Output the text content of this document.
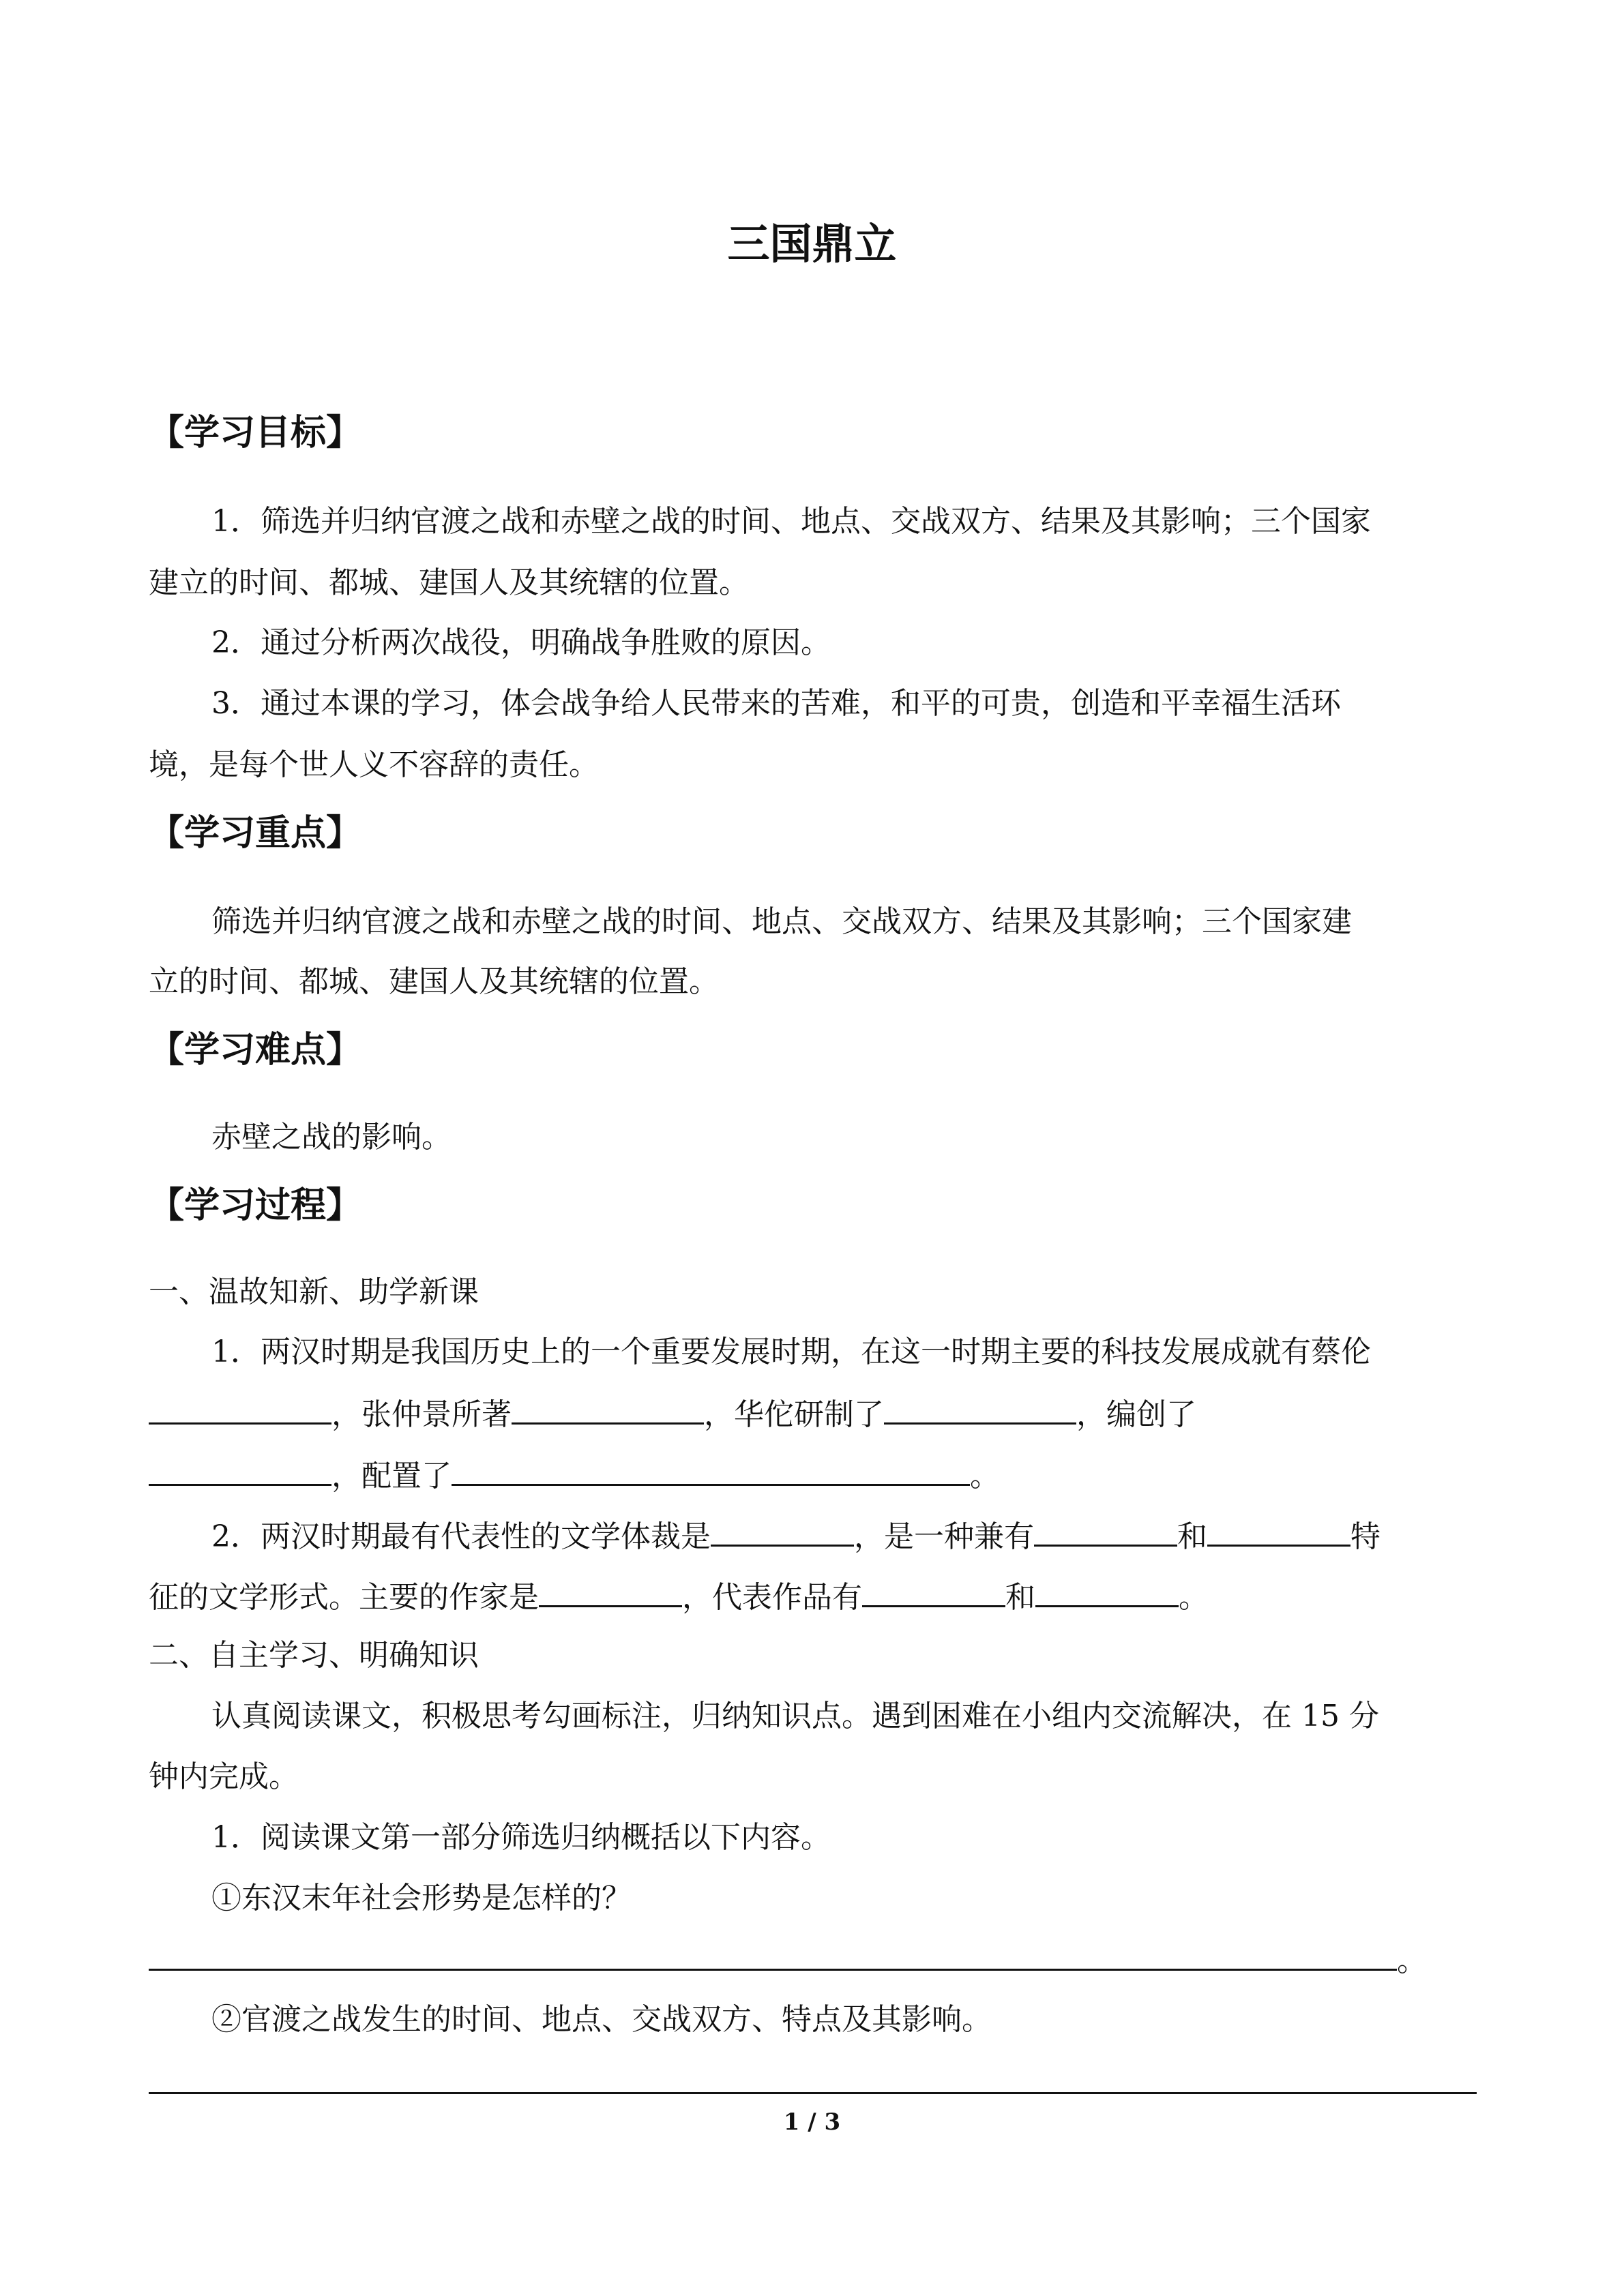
三国鼎立
【学习目标】
1．筛选并归纳官渡之战和赤壁之战的时间、地点、交战双方、结果及其影响；三个国家
建立的时间、都城、建国人及其统辖的位置。
2．通过分析两次战役，明确战争胜败的原因。
3．通过本课的学习，体会战争给人民带来的苦难，和平的可贵，创造和平幸福生活环
境，是每个世人义不容辞的责任。
【学习重点】
筛选并归纳官渡之战和赤壁之战的时间、地点、交战双方、结果及其影响；三个国家建
立的时间、都城、建国人及其统辖的位置。
【学习难点】
赤壁之战的影响。
【学习过程】
一、温故知新、助学新课
1．两汉时期是我国历史上的一个重要发展时期，在这一时期主要的科技发展成就有蔡伦
，张仲景所著	，华佗研制了	，编创了
，配置了	。
2．两汉时期最有代表性的文学体裁是	，是一种兼有	和	特
征的文学形式。主要的作家是	，代表作品有	和	。
二、自主学习、明确知识
认真阅读课文，积极思考勾画标注，归纳知识点。遇到困难在小组内交流解决，在 15 分
钟内完成。
1．阅读课文第一部分筛选归纳概括以下内容。
①东汉末年社会形势是怎样的？
。
②官渡之战发生的时间、地点、交战双方、特点及其影响。
1 / 3
